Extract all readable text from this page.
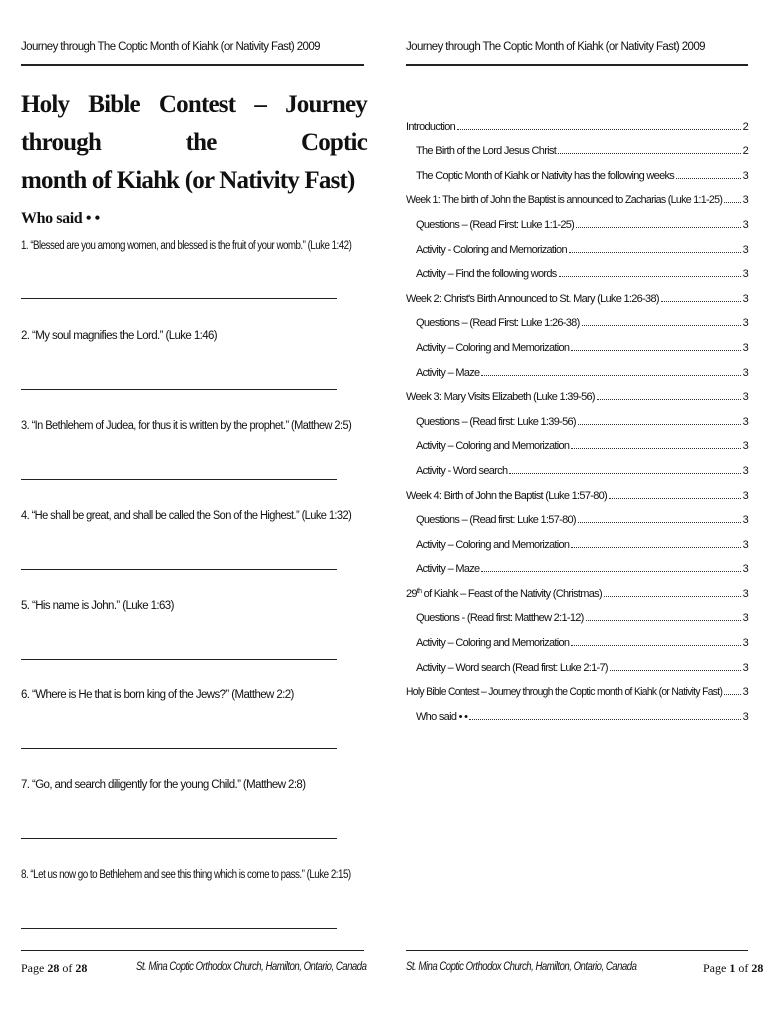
Journey through The Coptic Month of Kiahk (or Nativity Fast) 2009
Holy Bible Contest – Journey through the Coptic
month of Kiahk (or Nativity Fast)
Who said • •
1. “Blessed are you among women, and blessed is the fruit of your womb.” (Luke 1:42)
2. “My soul magnifies the Lord.” (Luke 1:46)
3. “In Bethlehem of Judea, for thus it is written by the prophet.” (Matthew 2:5)
4. “He shall be great, and shall be called the Son of the Highest.” (Luke 1:32)
5. “His name is John.” (Luke 1:63)
6. “Where is He that is born king of the Jews?” (Matthew 2:2)
7. “Go, and search diligently for the young Child.” (Matthew 2:8)
8. “Let us now go to Bethlehem and see this thing which is come to pass.” (Luke 2:15)
Page 28 of 28	St. Mina Coptic Orthodox Church, Hamilton, Ontario, Canada
Journey through The Coptic Month of Kiahk (or Nativity Fast) 2009
Introduction	2
The Birth of the Lord Jesus Christ	2
The Coptic Month of Kiahk or Nativity has the following weeks	3
Week 1: The birth of John the Baptist is announced to Zacharias (Luke 1:1-25) 3
Questions – (Read First: Luke 1:1-25)	3
Activity - Coloring and Memorization	3
Activity – Find the following words	3
Week 2: Christ's Birth Announced to St. Mary (Luke 1:26-38)	3
Questions – (Read First: Luke 1:26-38)	3
Activity – Coloring and Memorization	3
Activity – Maze	3
Week 3: Mary Visits Elizabeth (Luke 1:39-56)	3
Questions – (Read first: Luke 1:39-56)	3
Activity – Coloring and Memorization	3
Activity - Word search	3
Week 4: Birth of John the Baptist (Luke 1:57-80)	3
Questions – (Read first: Luke 1:57-80)	3
Activity – Coloring and Memorization	3
Activity – Maze	3
29th of Kiahk – Feast of the Nativity (Christmas)	3
Questions - (Read first: Matthew 2:1-12)	3
Activity – Coloring and Memorization	3
Activity – Word search (Read first: Luke 2:1-7)	3
Holy Bible Contest – Journey through the Coptic month of Kiahk (or Nativity Fast) 3
Who said • •	3
St. Mina Coptic Orthodox Church, Hamilton, Ontario, Canada	Page 1 of 28
